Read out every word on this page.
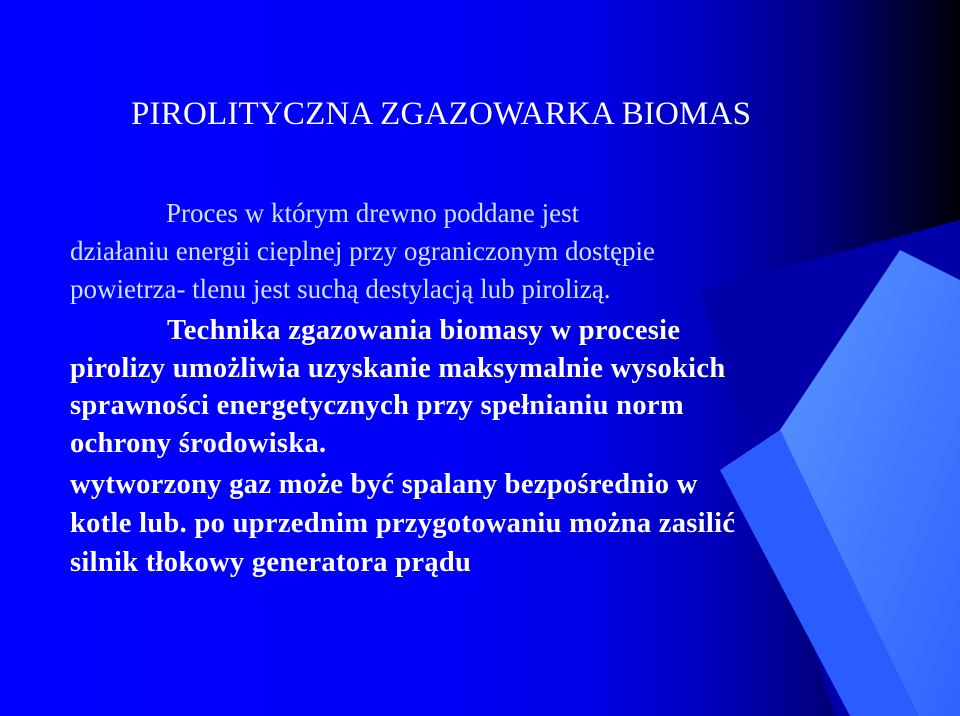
PIROLITYCZNA ZGAZOWARKA BIOMAS

Proces w którym drewno poddane jest
działaniu energii cieplnej przy ograniczonym dostępie
powietrza- tlenu jest suchą destylacją lub pirolizą.

Technika zgazowania biomasy w procesie
pirolizy umożliwia uzyskanie maksymalnie wysokich
sprawności energetycznych przy spełnianiu norm
ochrony środowiska.

wytworzony gaz może być spalany bezpośrednio w
kotle lub. po uprzednim przygotowaniu można zasilić
silnik tłokowy generatora prądu
